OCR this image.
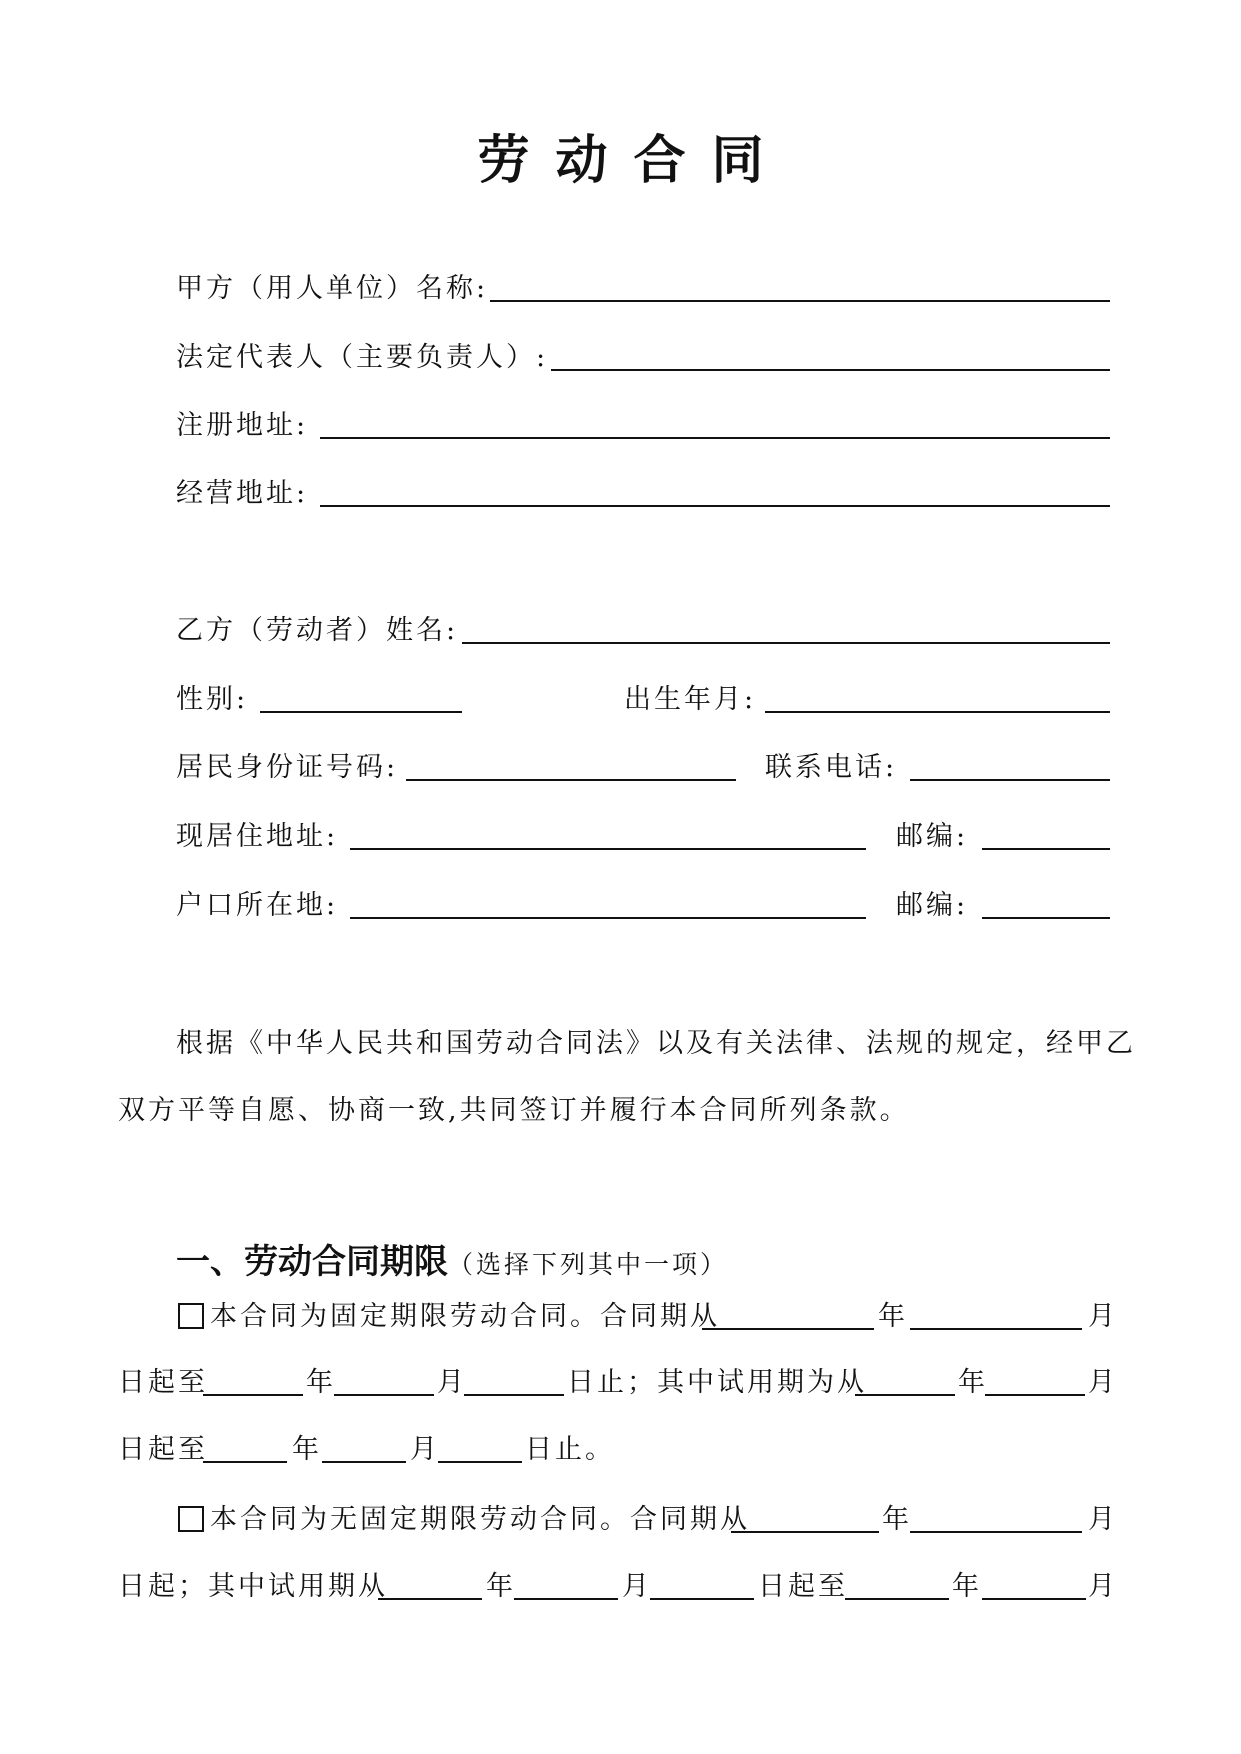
劳动合同
甲方（用人单位）名称:
法定代表人（主要负责人）:
注册地址:
经营地址:
乙方（劳动者）姓名:
性别:	出生年月:
居民身份证号码:	联系电话:
现居住地址:	邮编:
户口所在地:	邮编:
根据《中华人民共和国劳动合同法》以及有关法律、法规的规定，经甲乙
双方平等自愿、协商一致,共同签订并履行本合同所列条款。
一、劳动合同期限（选择下列其中一项）
本合同为固定期限劳动合同。合同期从	年	月
日起至	年	月	日止；其中试用期为从	年	月
日起至	年	月	日止。
本合同为无固定期限劳动合同。合同期从	年	月
日起；其中试用期从	年	月	日起至	年	月
